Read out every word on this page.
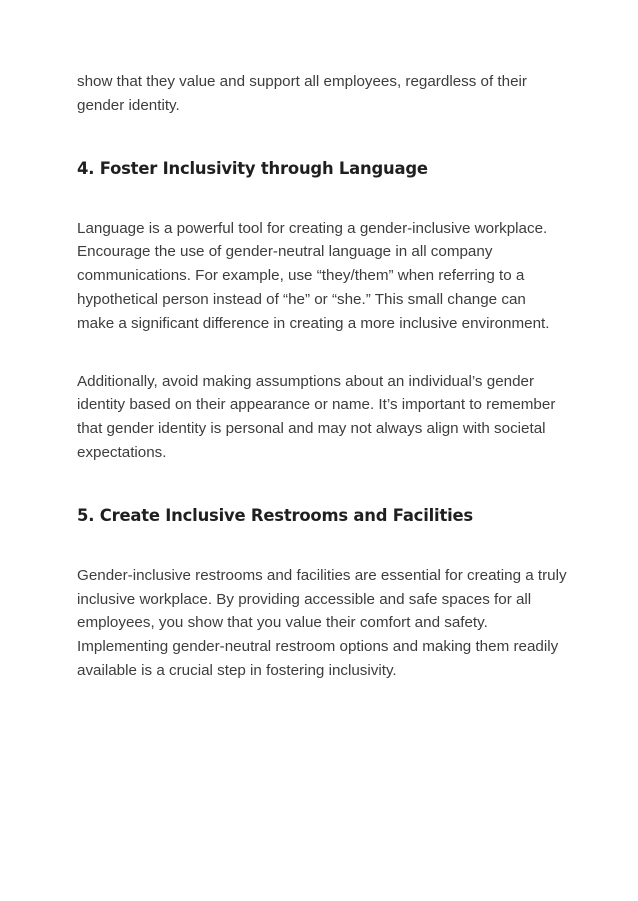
show that they value and support all employees, regardless of their gender identity.

4. Foster Inclusivity through Language

Language is a powerful tool for creating a gender-inclusive workplace. Encourage the use of gender-neutral language in all company communications. For example, use “they/them” when referring to a hypothetical person instead of “he” or “she.” This small change can make a significant difference in creating a more inclusive environment.

Additionally, avoid making assumptions about an individual’s gender identity based on their appearance or name. It’s important to remember that gender identity is personal and may not always align with societal expectations.

5. Create Inclusive Restrooms and Facilities

Gender-inclusive restrooms and facilities are essential for creating a truly inclusive workplace. By providing accessible and safe spaces for all employees, you show that you value their comfort and safety. Implementing gender-neutral restroom options and making them readily available is a crucial step in fostering inclusivity.
